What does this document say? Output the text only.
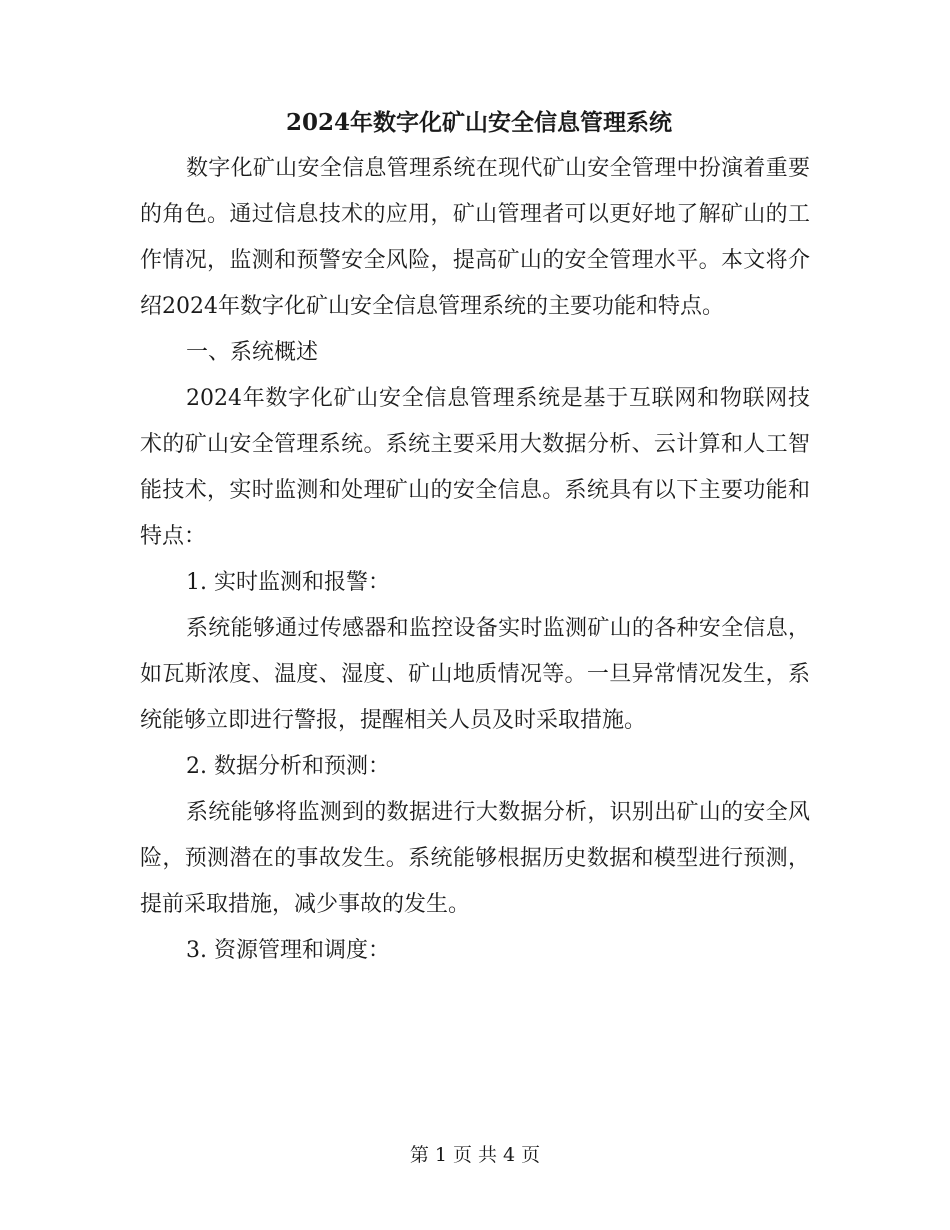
2024年数字化矿山安全信息管理系统

数字化矿山安全信息管理系统在现代矿山安全管理中扮演着重要的角色。通过信息技术的应用，矿山管理者可以更好地了解矿山的工作情况，监测和预警安全风险，提高矿山的安全管理水平。本文将介绍2024年数字化矿山安全信息管理系统的主要功能和特点。

一、系统概述

2024年数字化矿山安全信息管理系统是基于互联网和物联网技术的矿山安全管理系统。系统主要采用大数据分析、云计算和人工智能技术，实时监测和处理矿山的安全信息。系统具有以下主要功能和特点：

1. 实时监测和报警：

系统能够通过传感器和监控设备实时监测矿山的各种安全信息，如瓦斯浓度、温度、湿度、矿山地质情况等。一旦异常情况发生，系统能够立即进行警报，提醒相关人员及时采取措施。

2. 数据分析和预测：

系统能够将监测到的数据进行大数据分析，识别出矿山的安全风险，预测潜在的事故发生。系统能够根据历史数据和模型进行预测，提前采取措施，减少事故的发生。

3. 资源管理和调度：

第 1 页 共 4 页
